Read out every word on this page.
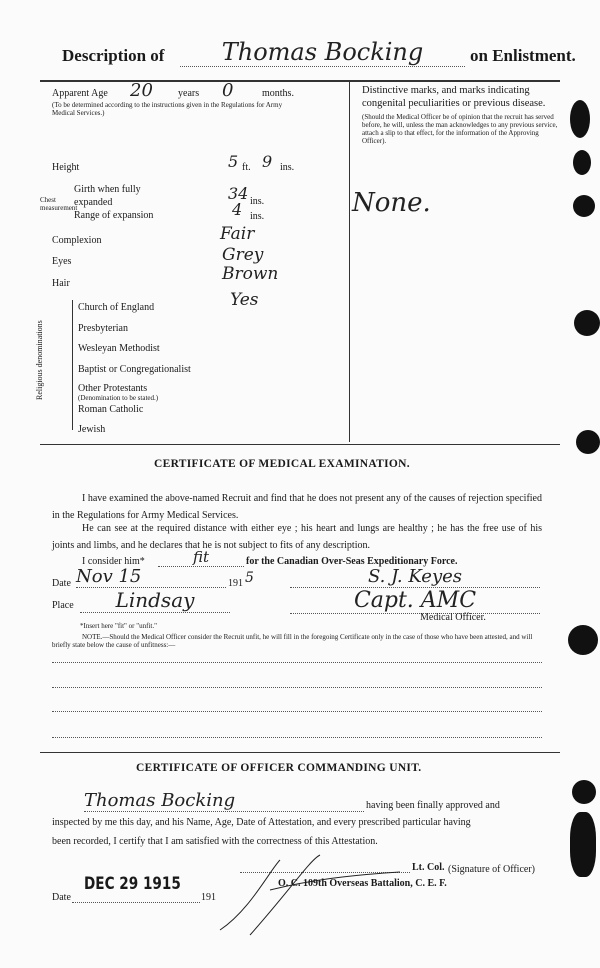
Description of	Thomas Bocking	on Enlistment.
Apparent Age 20	years 0	months.
(To be determined according to the instructions given in the Regulations for Army Medical Services.)
Height	5 ft. 9 ins.
Chest measurement
Girth when fully expanded	34 ins.
Range of expansion	4 ins.
Complexion	Fair
Eyes	Grey
Hair	Brown
Religious denominations
Church of England	Yes
Presbyterian
Wesleyan Methodist
Baptist or Congregationalist
Other Protestants
(Denomination to be stated.)
Roman Catholic
Jewish
Distinctive marks, and marks indicating congenital peculiarities or previous disease.
(Should the Medical Officer be of opinion that the recruit has served before, he will, unless the man acknowledges to any previous service, attach a slip to that effect, for the information of the Approving Officer).
None.
CERTIFICATE OF MEDICAL EXAMINATION.
I have examined the above-named Recruit and find that he does not present any of the causes of rejection specified in the Regulations for Army Medical Services.
He can see at the required distance with either eye ; his heart and lungs are healthy ; he has the free use of his joints and limbs, and he declares that he is not subject to fits of any description.
I consider him*	fit	for the Canadian Over-Seas Expeditionary Force.
Date Nov 15	191 5	S. J. Keyes
Place	Lindsay	Capt. AMC
Medical Officer.
*Insert here "fit" or "unfit."
NOTE.—Should the Medical Officer consider the Recruit unfit, he will fill in the foregoing Certificate only in the case of those who have been attested, and will briefly state below the cause of unfitness:—
CERTIFICATE OF OFFICER COMMANDING UNIT.
Thomas Bocking	having been finally approved and
inspected by me this day, and his Name, Age, Date of Attestation, and every prescribed particular having
been recorded, I certify that I am satisfied with the correctness of this Attestation.
Lt. Col. (Signature of Officer)
O. C. 109th Overseas Battalion, C. E. F.
Date
DEC 29 1915
191
